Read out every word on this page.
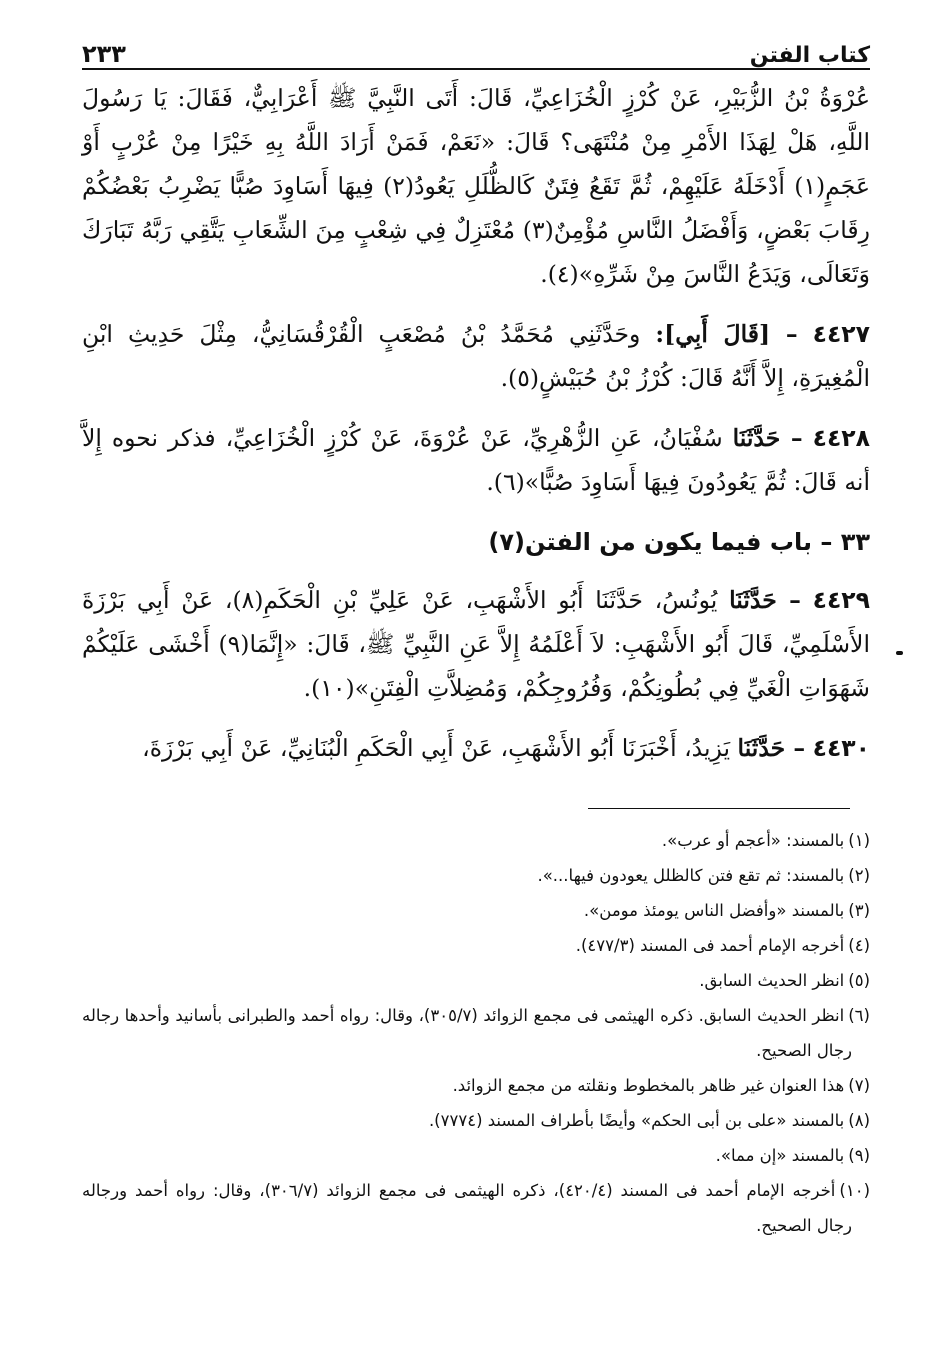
كتاب الفتن
٢٣٣

عُرْوَةُ بْنُ الزُّبَيْرِ، عَنْ كُرْزٍ الْخُزَاعِيِّ، قَالَ: أَتَى النَّبِيَّ ﷺ أَعْرَابِيٌّ، فَقَالَ: يَا رَسُولَ اللَّهِ، هَلْ لِهَذَا الأَمْرِ مِنْ مُنْتَهَى؟ قَالَ: «نَعَمْ، فَمَنْ أَرَادَ اللَّهُ بِهِ خَيْرًا مِنْ عُرْبٍ أَوْ عَجَمٍ(١) أَدْخَلَهُ عَلَيْهِمْ، ثُمَّ تَقَعُ فِتَنٌ كَالظُّلَلِ يَعُودُ(٢) فِيهَا أَسَاوِدَ صُبًّا يَضْرِبُ بَعْضُكُمْ رِقَابَ بَعْضٍ، وَأَفْضَلُ النَّاسِ مُؤْمِنٌ(٣) مُعْتَزِلٌ فِي شِعْبٍ مِنَ الشِّعَابِ يَتَّقِي رَبَّهُ تَبَارَكَ وَتَعَالَى، وَيَدَعُ النَّاسَ مِنْ شَرِّهِ»(٤).

٤٤٢٧ – [قَالَ أَبِي]: وحَدَّثَنِي مُحَمَّدُ بْنُ مُصْعَبٍ الْقُرْقُسَانِيُّ، مِثْلَ حَدِيثِ ابْنِ الْمُغِيرَةِ، إِلاَّ أَنَّهُ قَالَ: كُرْزُ بْنُ حُبَيْشٍ(٥).

٤٤٢٨ – حَدَّثَنَا سُفْيَانُ، عَنِ الزُّهْرِيِّ، عَنْ عُرْوَةَ، عَنْ كُرْزٍ الْخُزَاعِيِّ، فذكر نحوه إِلاَّ أنه قَالَ: ثُمَّ يَعُودُونَ فِيهَا أَسَاوِدَ صُبًّا»(٦).

٣٣ – باب فيما يكون من الفتن(٧)

٤٤٢٩ – حَدَّثَنَا يُونُسُ، حَدَّثَنَا أَبُو الأَشْهَبِ، عَنْ عَلِيِّ بْنِ الْحَكَمِ(٨)، عَنْ أَبِي بَرْزَةَ الأَسْلَمِيِّ، قَالَ أَبُو الأَشْهَبِ: لاَ أَعْلَمُهُ إِلاَّ عَنِ النَّبِيِّ ﷺ، قَالَ: «إِنَّمَا(٩) أَخْشَى عَلَيْكُمْ شَهَوَاتِ الْغَيِّ فِي بُطُونِكُمْ، وَفُرُوجِكُمْ، وَمُضِلاَّتِ الْفِتَنِ»(١٠).

٤٤٣٠ – حَدَّثَنَا يَزِيدُ، أَخْبَرَنَا أَبُو الأَشْهَبِ، عَنْ أَبِي الْحَكَمِ الْبُنَانِيِّ، عَنْ أَبِي بَرْزَةَ،

(١)بالمسند: «أعجم أو عرب».

(٢)بالمسند: ثم تقع فتن كالظلل يعودون فيها...».

(٣)بالمسند «وأفضل الناس يومئذ مومن».

(٤)أخرجه الإمام أحمد فى المسند (٤٧٧/٣).

(٥)انظر الحديث السابق.

(٦)انظر الحديث السابق. ذكره الهيثمى فى مجمع الزوائد (٣٠٥/٧)، وقال: رواه أحمد والطبرانى بأسانيد وأحدها رجاله رجال الصحيح.

(٧)هذا العنوان غير ظاهر بالمخطوط ونقلته من مجمع الزوائد.

(٨)بالمسند «على بن أبى الحكم» وأيضًا بأطراف المسند (٧٧٧٤).

(٩)بالمسند «إن مما».

(١٠)أخرجه الإمام أحمد فى المسند (٤٢٠/٤)، ذكره الهيثمى فى مجمع الزوائد (٣٠٦/٧)، وقال: رواه أحمد ورجاله رجال الصحيح.
